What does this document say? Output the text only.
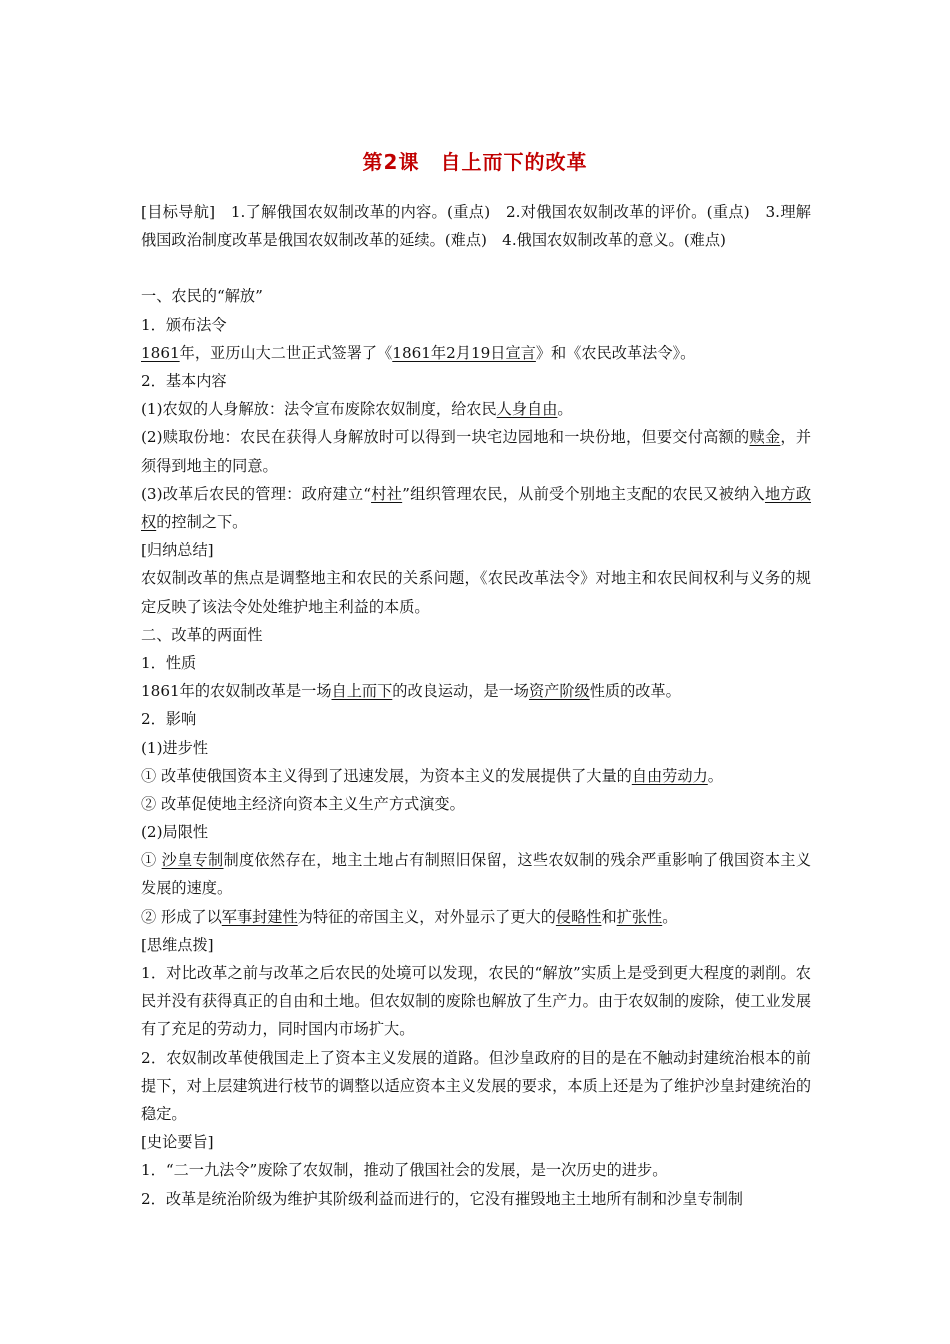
第2课　自上而下的改革
[目标导航]　1.了解俄国农奴制改革的内容。(重点)　2.对俄国农奴制改革的评价。(重点)　3.理解俄国政治制度改革是俄国农奴制改革的延续。(难点)　4.俄国农奴制改革的意义。(难点)
一、农民的“解放”
1．颁布法令
1861年，亚历山大二世正式签署了《1861年2月19日宣言》和《农民改革法令》。
2．基本内容
(1)农奴的人身解放：法令宣布废除农奴制度，给农民人身自由。
(2)赎取份地：农民在获得人身解放时可以得到一块宅边园地和一块份地，但要交付高额的赎金，并须得到地主的同意。
(3)改革后农民的管理：政府建立“村社”组织管理农民，从前受个别地主支配的农民又被纳入地方政权的控制之下。
[归纳总结]
农奴制改革的焦点是调整地主和农民的关系问题，《农民改革法令》对地主和农民间权利与义务的规定反映了该法令处处维护地主利益的本质。
二、改革的两面性
1．性质
1861年的农奴制改革是一场自上而下的改良运动，是一场资产阶级性质的改革。
2．影响
(1)进步性
① 改革使俄国资本主义得到了迅速发展，为资本主义的发展提供了大量的自由劳动力。
② 改革促使地主经济向资本主义生产方式演变。
(2)局限性
① 沙皇专制制度依然存在，地主土地占有制照旧保留，这些农奴制的残余严重影响了俄国资本主义发展的速度。
② 形成了以军事封建性为特征的帝国主义，对外显示了更大的侵略性和扩张性。
[思维点拨]
1．对比改革之前与改革之后农民的处境可以发现，农民的“解放”实质上是受到更大程度的剥削。农民并没有获得真正的自由和土地。但农奴制的废除也解放了生产力。由于农奴制的废除，使工业发展有了充足的劳动力，同时国内市场扩大。
2．农奴制改革使俄国走上了资本主义发展的道路。但沙皇政府的目的是在不触动封建统治根本的前提下，对上层建筑进行枝节的调整以适应资本主义发展的要求，本质上还是为了维护沙皇封建统治的稳定。
[史论要旨]
1．“二一九法令”废除了农奴制，推动了俄国社会的发展，是一次历史的进步。
2．改革是统治阶级为维护其阶级利益而进行的，它没有摧毁地主土地所有制和沙皇专制制
